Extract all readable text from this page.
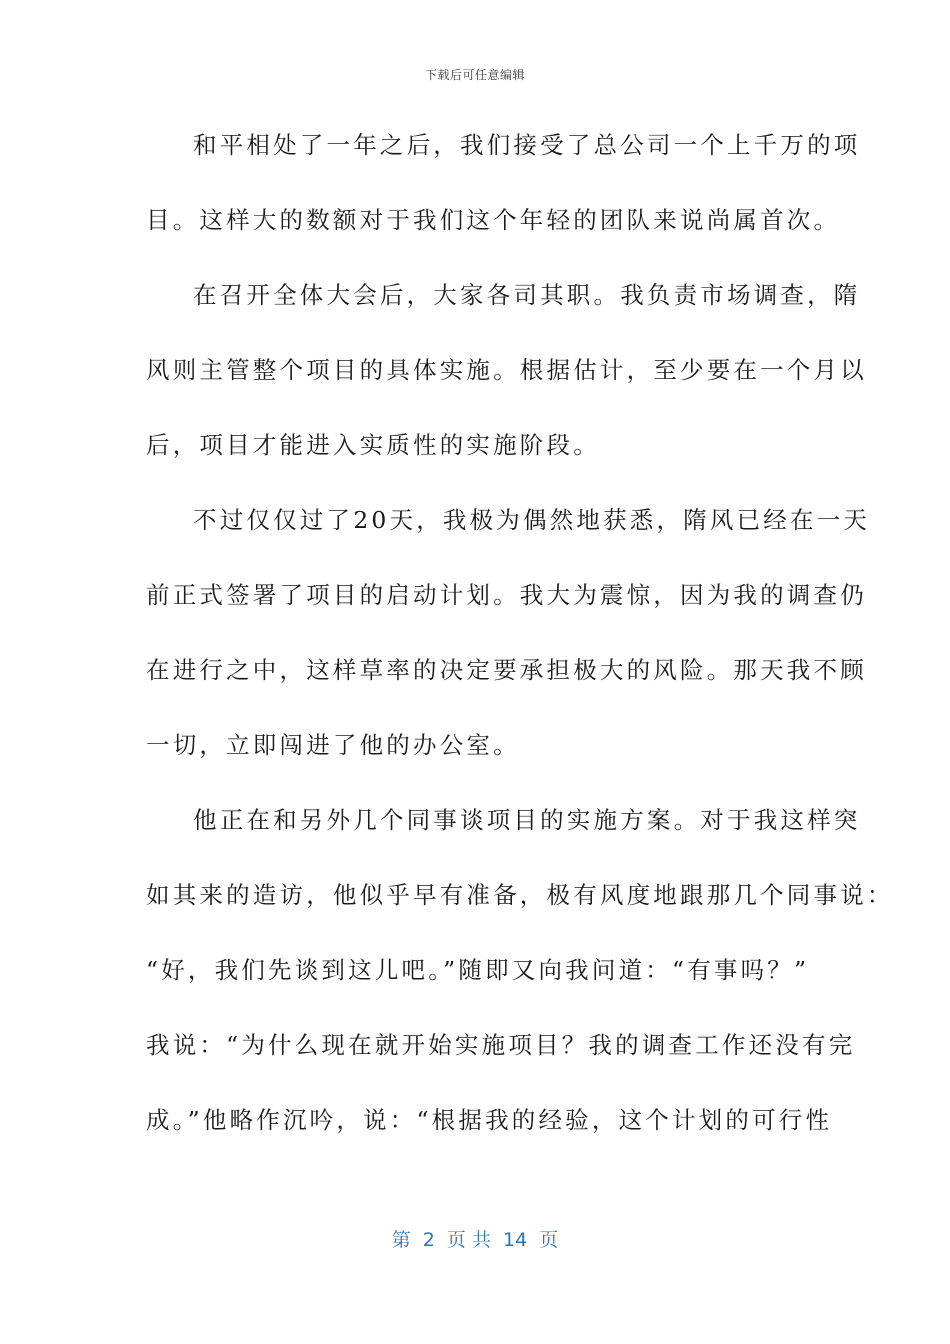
下载后可任意编辑
和平相处了一年之后，我们接受了总公司一个上千万的项
目。这样大的数额对于我们这个年轻的团队来说尚属首次。
在召开全体大会后，大家各司其职。我负责市场调查，隋
风则主管整个项目的具体实施。根据估计，至少要在一个月以
后，项目才能进入实质性的实施阶段。
不过仅仅过了20天，我极为偶然地获悉，隋风已经在一天
前正式签署了项目的启动计划。我大为震惊，因为我的调查仍
在进行之中，这样草率的决定要承担极大的风险。那天我不顾
一切，立即闯进了他的办公室。
他正在和另外几个同事谈项目的实施方案。对于我这样突
如其来的造访，他似乎早有准备，极有风度地跟那几个同事说：
“好，我们先谈到这儿吧。”随即又向我问道：“有事吗？”
我说：“为什么现在就开始实施项目？我的调查工作还没有完
成。”他略作沉吟，说：“根据我的经验，这个计划的可行性
第  2  页 共  14  页
